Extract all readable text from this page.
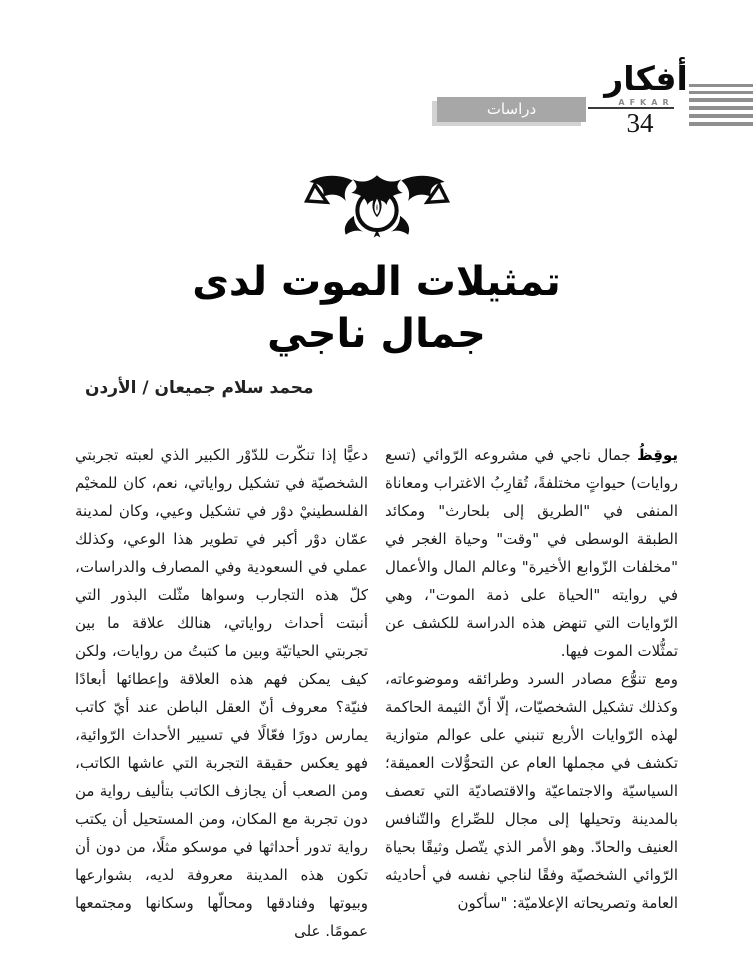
أفكار
AFKAR
34
دراسات
تمثيلات الموت لدى
جمال ناجي
محمد سلام جميعان / الأردن

يوقِظُ جمال ناجي في مشروعه الرّوائي (تسع روايات) حيواتٍ مختلفةً، تُقارِبُ الاغتراب ومعاناة المنفى في "الطريق إلى بلحارث" ومكائد الطبقة الوسطى في "وقت" وحياة الغجر في "مخلفات الزّوابع الأخيرة" وعالم المال والأعمال في روايته "الحياة على ذمة الموت"، وهي الرّوايات التي تنهض هذه الدراسة للكشف عن تمثُّلات الموت فيها.

ومع تنوُّع مصادر السرد وطرائقه وموضوعاته، وكذلك تشكيل الشخصيّات، إلّا أنّ الثيمة الحاكمة لهذه الرّوايات الأربع تنبني على عوالم متوازية تكشف في مجملها العام عن التحوُّلات العميقة؛ السياسيّة والاجتماعيّة والاقتصاديّة التي تعصف بالمدينة وتحيلها إلى مجال للصِّراع والتّنافس العنيف والحادّ. وهو الأمر الذي يتّصل وثيقًا بحياة الرّوائي الشخصيّة وفقًا لناجي نفسه في أحاديثه العامة وتصريحاته الإعلاميّة: "سأكون

دعيًّا إذا تنكّرت للدّوْر الكبير الذي لعبته تجربتي الشخصيّة في تشكيل رواياتي، نعم، كان للمخيْم الفلسطينيْ دوْر في تشكيل وعيي، وكان لمدينة عمّان دوْر أكبر في تطوير هذا الوعي، وكذلك عملي في السعودية وفي المصارف والدراسات، كلّ هذه التجارب وسواها مثّلت البذور التي أنبتت أحداث رواياتي، هنالك علاقة ما بين تجربتي الحياتيّة وبين ما كتبتُ من روايات، ولكن كيف يمكن فهم هذه العلاقة وإعطائها أبعادًا فنيّة؟ معروف أنّ العقل الباطن عند أيّ كاتب يمارس دورًا فعّالًا في تسيير الأحداث الرّوائية، فهو يعكس حقيقة التجربة التي عاشها الكاتب، ومن الصعب أن يجازف الكاتب بتأليف رواية من دون تجربة مع المكان، ومن المستحيل أن يكتب رواية تدور أحداثها في موسكو مثلًا، من دون أن تكون هذه المدينة معروفة لديه، بشوارعها وبيوتها وفنادقها ومحالّها وسكانها ومجتمعها عمومًا. على
